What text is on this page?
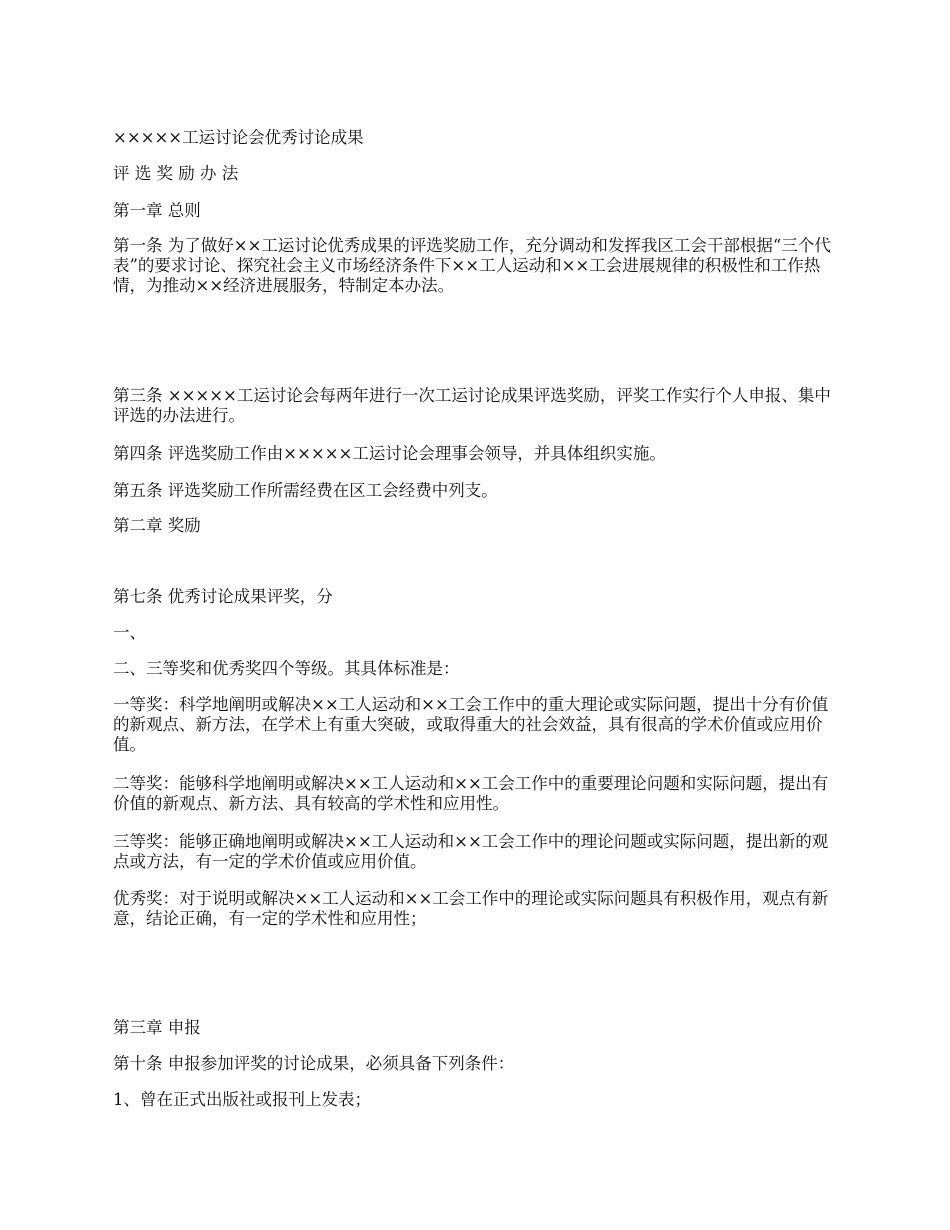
×××××工运讨论会优秀讨论成果
评 选 奖 励 办 法
第一章 总则
第一条 为了做好××工运讨论优秀成果的评选奖励工作，充分调动和发挥我区工会干部根据“三个代表”的要求讨论、探究社会主义市场经济条件下××工人运动和××工会进展规律的积极性和工作热情，为推动××经济进展服务，特制定本办法。
第三条 ×××××工运讨论会每两年进行一次工运讨论成果评选奖励，评奖工作实行个人申报、集中评选的办法进行。
第四条 评选奖励工作由×××××工运讨论会理事会领导，并具体组织实施。
第五条 评选奖励工作所需经费在区工会经费中列支。
第二章 奖励
第七条 优秀讨论成果评奖，分
一、
二、三等奖和优秀奖四个等级。其具体标准是：
一等奖：科学地阐明或解决××工人运动和××工会工作中的重大理论或实际问题，提出十分有价值的新观点、新方法，在学术上有重大突破，或取得重大的社会效益，具有很高的学术价值或应用价值。
二等奖：能够科学地阐明或解决××工人运动和××工会工作中的重要理论问题和实际问题，提出有价值的新观点、新方法、具有较高的学术性和应用性。
三等奖：能够正确地阐明或解决××工人运动和××工会工作中的理论问题或实际问题，提出新的观点或方法，有一定的学术价值或应用价值。
优秀奖：对于说明或解决××工人运动和××工会工作中的理论或实际问题具有积极作用，观点有新意，结论正确，有一定的学术性和应用性；
第三章 申报
第十条 申报参加评奖的讨论成果，必须具备下列条件：
1、曾在正式出版社或报刊上发表；
